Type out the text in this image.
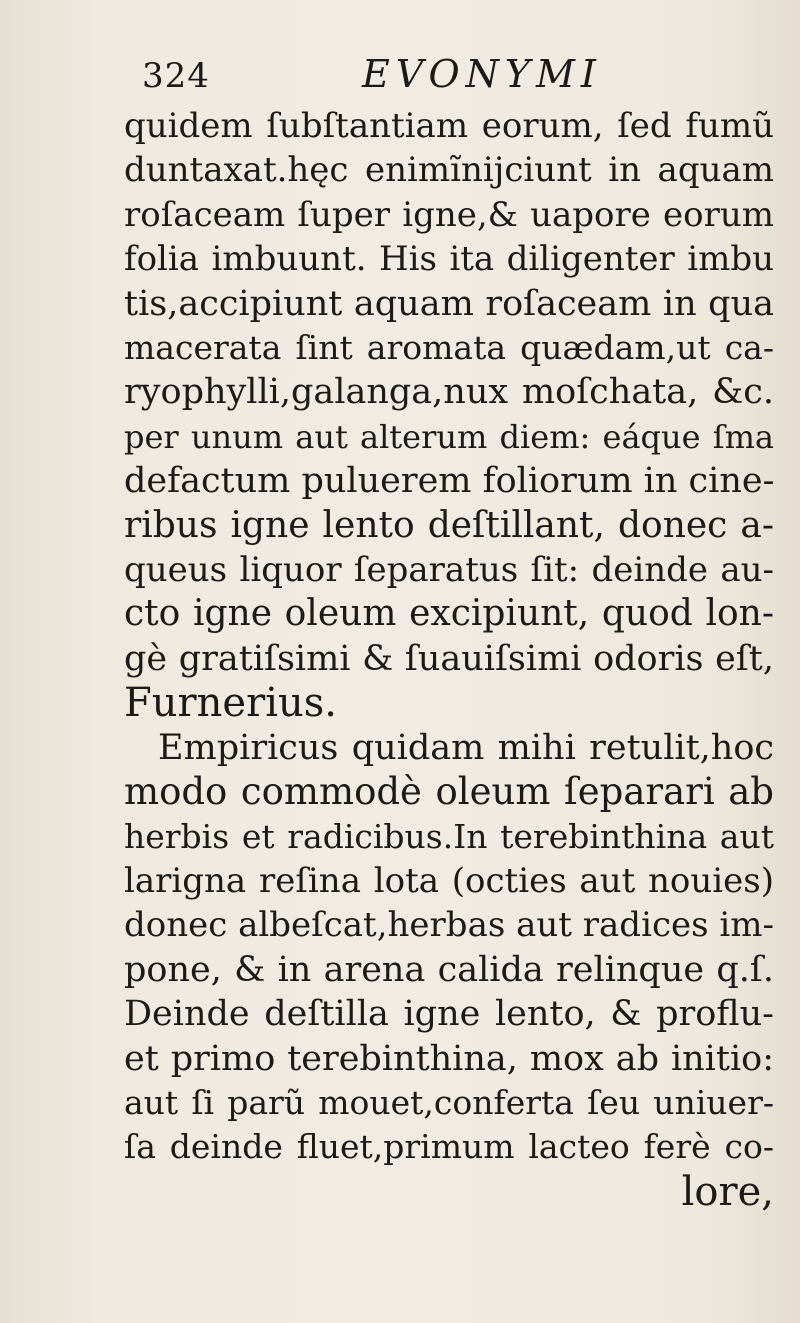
324	EVONYMI
quidem ſubſtantiam eorum, ſed fumũ
duntaxat.hęc enimĩnijciunt in aquam
roſaceam ſuper igne,& uapore eorum
folia imbuunt. His ita diligenter imbu
tis,accipiunt aquam roſaceam in qua
macerata ſint aromata quædam,ut ca-
ryophylli,galanga,nux moſchata, &c.
per unum aut alterum diem: eáque ſma
defactum puluerem foliorum in cine-
ribus igne lento deſtillant, donec a-
queus liquor ſeparatus ſit: deinde au-
cto igne oleum excipiunt, quod lon-
gè gratiſsimi & ſuauiſsimi odoris eſt,
Furnerius.
Empiricus quidam mihi retulit,hoc
modo commodè oleum ſeparari ab
herbis et radicibus.In terebinthina aut
larigna reſina lota (octies aut nouies)
donec albeſcat,herbas aut radices im-
pone, & in arena calida relinque q.ſ.
Deinde deſtilla igne lento, & proflu-
et primo terebinthina, mox ab initio:
aut ſi parũ mouet,conferta ſeu uniuer-
ſa deinde fluet,primum lacteo ferè co-
lore,
